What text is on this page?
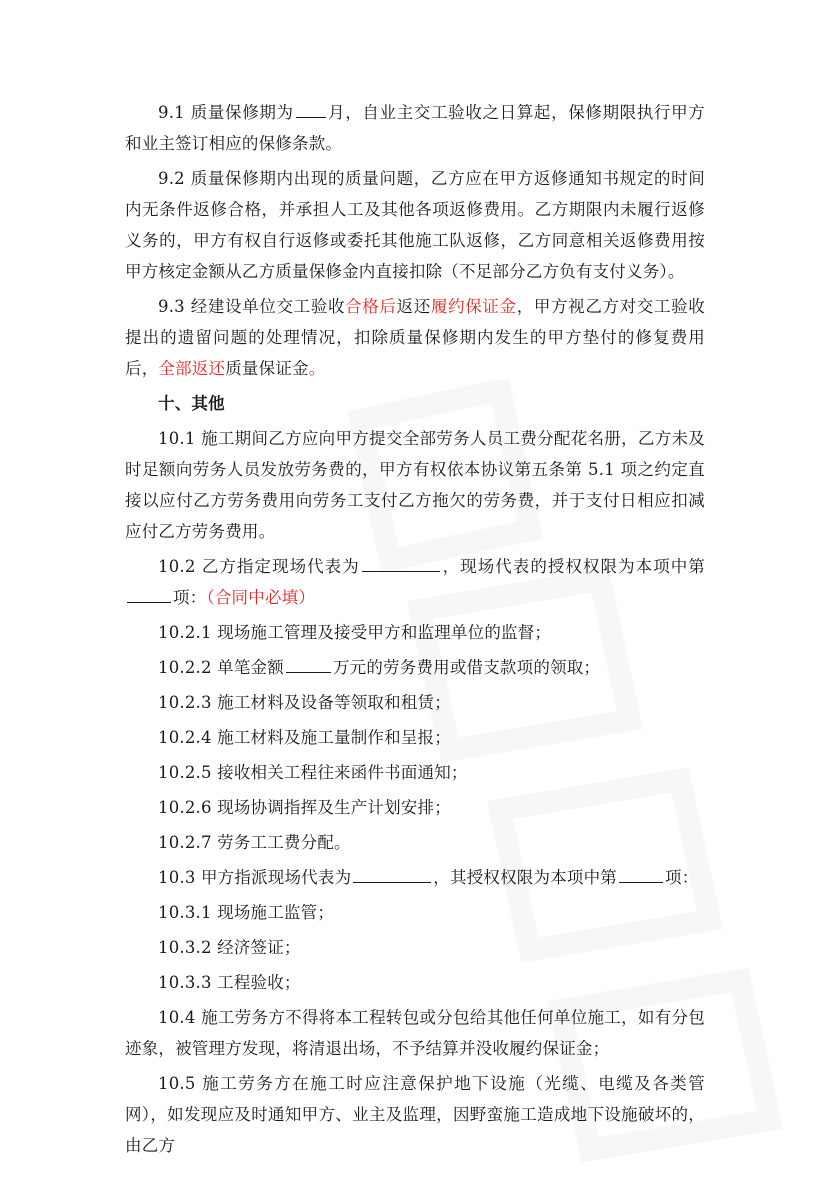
9.1 质量保修期为 月，自业主交工验收之日算起，保修期限执行甲方和业主签订相应的保修条款。

9.2 质量保修期内出现的质量问题，乙方应在甲方返修通知书规定的时间内无条件返修合格，并承担人工及其他各项返修费用。乙方期限内未履行返修义务的，甲方有权自行返修或委托其他施工队返修，乙方同意相关返修费用按甲方核定金额从乙方质量保修金内直接扣除（不足部分乙方负有支付义务）。

9.3 经建设单位交工验收合格后返还履约保证金，甲方视乙方对交工验收提出的遗留问题的处理情况，扣除质量保修期内发生的甲方垫付的修复费用后，全部返还质量保证金。

十、其他

10.1 施工期间乙方应向甲方提交全部劳务人员工费分配花名册，乙方未及时足额向劳务人员发放劳务费的，甲方有权依本协议第五条第 5.1 项之约定直接以应付乙方劳务费用向劳务工支付乙方拖欠的劳务费，并于支付日相应扣减应付乙方劳务费用。

10.2 乙方指定现场代表为	，现场代表的授权权限为本项中第项：（合同中必填）

10.2.1 现场施工管理及接受甲方和监理单位的监督；

10.2.2 单笔金额	万元的劳务费用或借支款项的领取；

10.2.3 施工材料及设备等领取和租赁；

10.2.4 施工材料及施工量制作和呈报；

10.2.5 接收相关工程往来函件书面通知；

10.2.6 现场协调指挥及生产计划安排；

10.2.7 劳务工工费分配。

10.3 甲方指派现场代表为	，其授权权限为本项中第	项：

10.3.1 现场施工监管；

10.3.2 经济签证；

10.3.3 工程验收；

10.4 施工劳务方不得将本工程转包或分包给其他任何单位施工，如有分包迹象，被管理方发现，将清退出场，不予结算并没收履约保证金；

10.5 施工劳务方在施工时应注意保护地下设施（光缆、电缆及各类管网），如发现应及时通知甲方、业主及监理，因野蛮施工造成地下设施破坏的，由乙方
